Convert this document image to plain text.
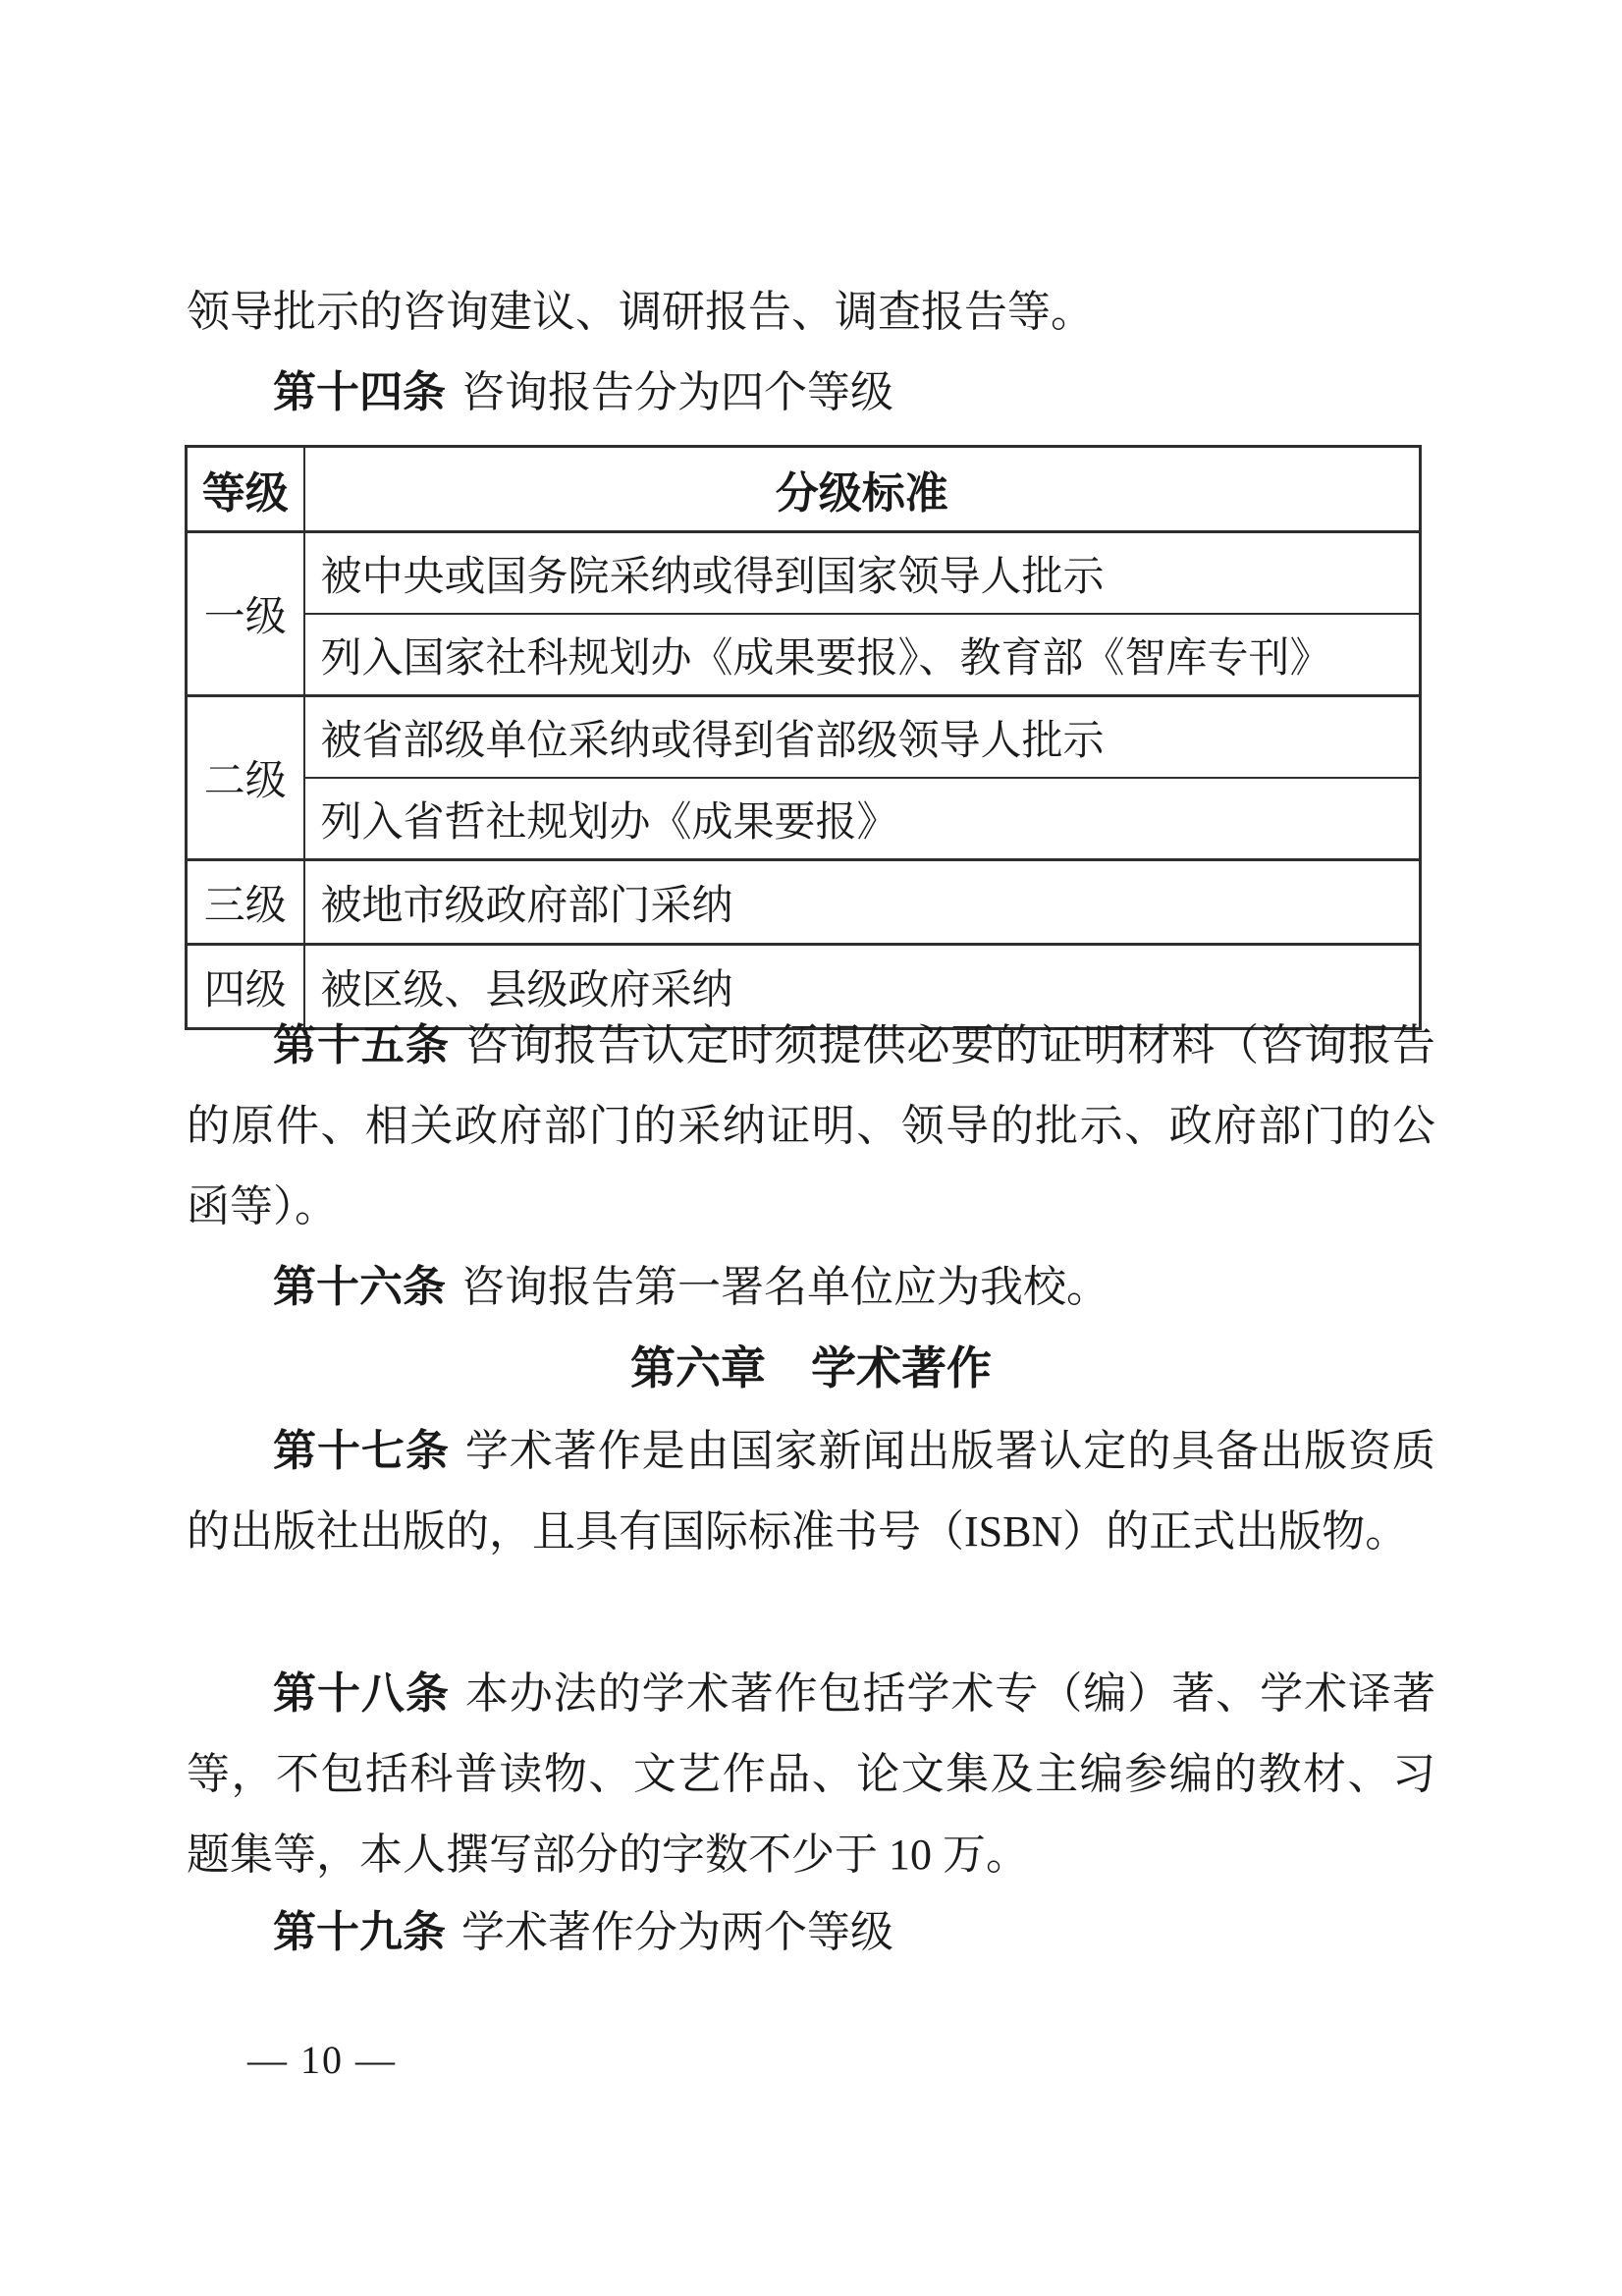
领导批示的咨询建议、调研报告、调查报告等。

第十四条 咨询报告分为四个等级

等级	分级标准
一级	被中央或国务院采纳或得到国家领导人批示
	列入国家社科规划办《成果要报》、教育部《智库专刊》
二级	被省部级单位采纳或得到省部级领导人批示
	列入省哲社规划办《成果要报》
三级	被地市级政府部门采纳
四级	被区级、县级政府采纳

第十五条 咨询报告认定时须提供必要的证明材料（咨询报告的原件、相关政府部门的采纳证明、领导的批示、政府部门的公函等）。

第十六条 咨询报告第一署名单位应为我校。

第六章　学术著作

第十七条 学术著作是由国家新闻出版署认定的具备出版资质的出版社出版的，且具有国际标准书号（ISBN）的正式出版物。

第十八条 本办法的学术著作包括学术专（编）著、学术译著等，不包括科普读物、文艺作品、论文集及主编参编的教材、习题集等，本人撰写部分的字数不少于 10 万。

第十九条 学术著作分为两个等级

— 10 —
